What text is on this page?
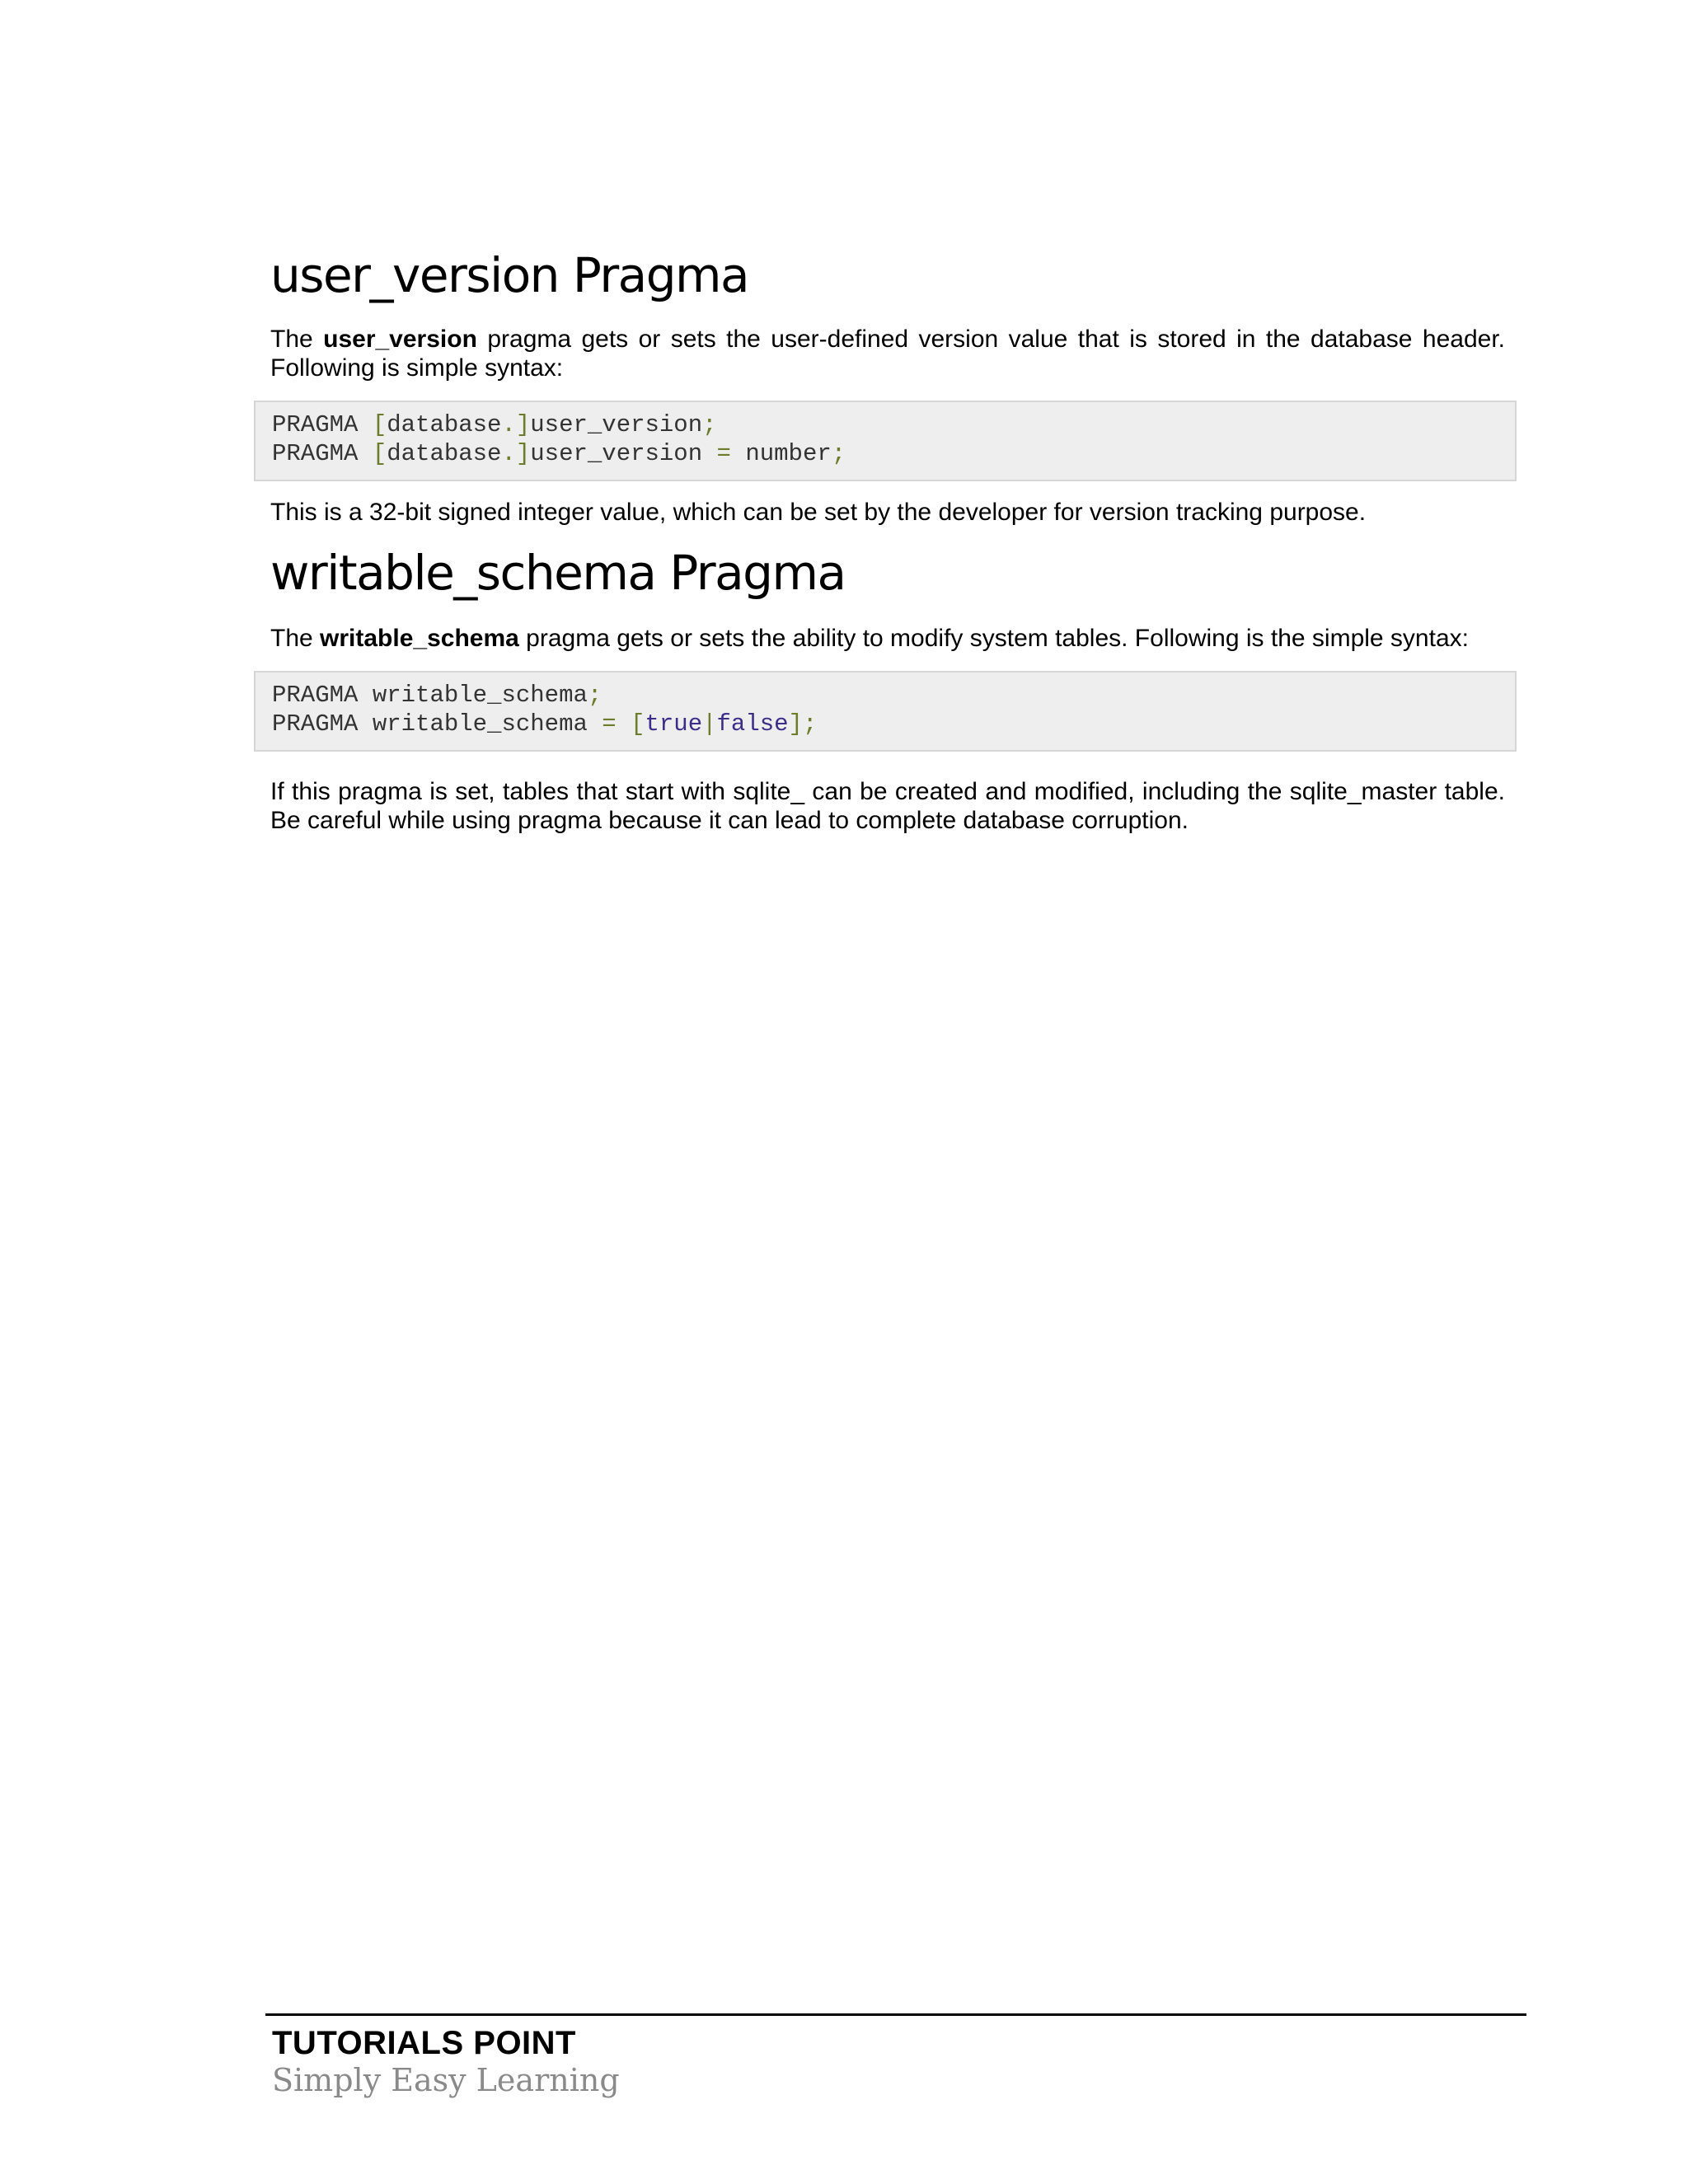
user_version Pragma

The user_version pragma gets or sets the user-defined version value that is stored in the database header. Following is simple syntax:

PRAGMA [database.]user_version;
PRAGMA [database.]user_version = number;

This is a 32-bit signed integer value, which can be set by the developer for version tracking purpose.

writable_schema Pragma

The writable_schema pragma gets or sets the ability to modify system tables. Following is the simple syntax:

PRAGMA writable_schema;
PRAGMA writable_schema = [true|false];

If this pragma is set, tables that start with sqlite_ can be created and modified, including the sqlite_master table. Be careful while using pragma because it can lead to complete database corruption.

TUTORIALS POINT
Simply Easy Learning
